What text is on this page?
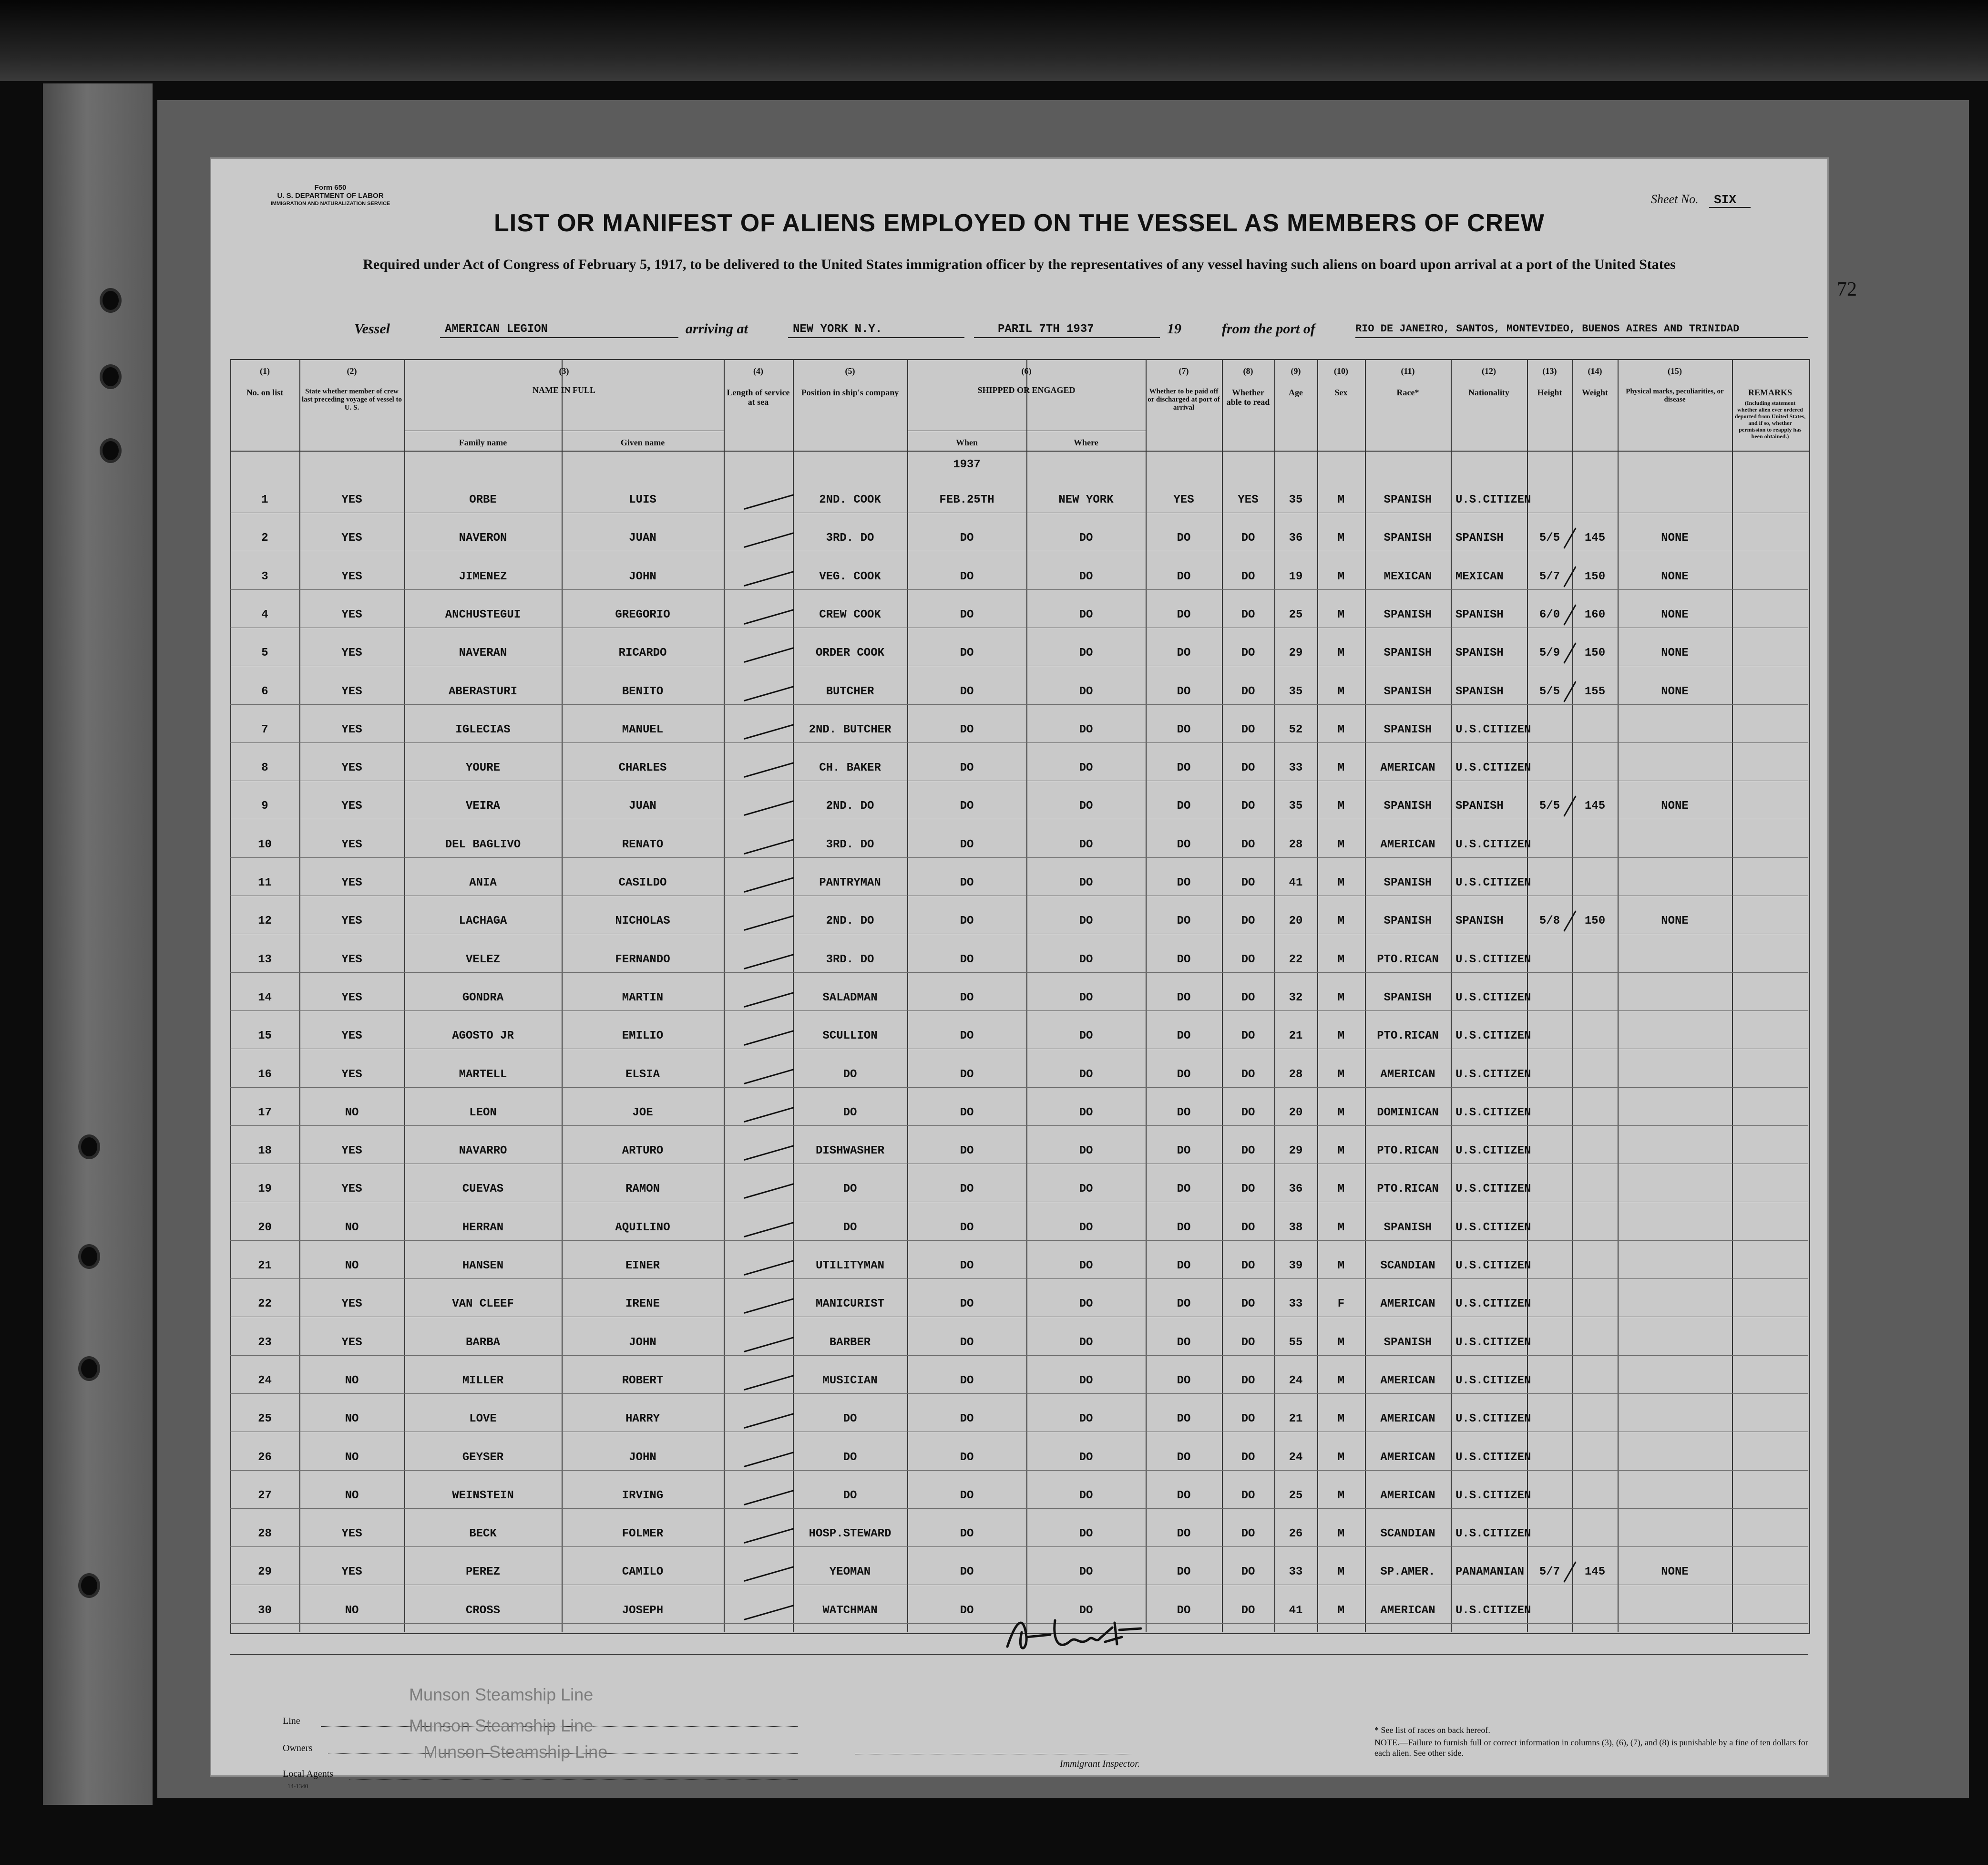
Form 650
U. S. DEPARTMENT OF LABOR
IMMIGRATION AND NATURALIZATION SERVICE	Sheet No. SIX
LIST OR MANIFEST OF ALIENS EMPLOYED ON THE VESSEL AS MEMBERS OF CREW
Required under Act of Congress of February 5, 1917, to be delivered to the United States immigration officer by the representatives of any vessel having such aliens on board upon arrival at a port of the United States
72
Vessel	AMERICAN LEGION	arriving at	NEW YORK N.Y.	PARIL 7TH 1937	19	from the port of	RIO DE JANEIRO, SANTOS, MONTEVIDEO, BUENOS AIRES AND TRINIDAD
(1)
No. on list
(2)
State whether member of crew last preceding voyage of vessel to U. S.
(3)
NAME IN FULL
(4)
Length of service at sea
(5)
Position in ship's company
(6)
SHIPPED OR ENGAGED
(7)
Whether to be paid off or discharged at port of arrival
(8)
Whether able to read
(9)
Age
(10)
Sex
(11)
Race*
(12)
Nationality
(13)
Height
(14)
Weight
(15)
Physical marks, peculiarities, or disease
REMARKS
Family name	Given name	When	Where
(Including statement whether alien ever ordered deported from United States, and if so, whether permission to reapply has been obtained.)
1937
1	YES	ORBE	LUIS	2ND. COOK	FEB.25TH	NEW YORK	YES	YES	35	M	SPANISH	U.S.CITIZEN
2	YES	NAVERON	JUAN	3RD. DO	DO	DO	DO	DO	36	M	SPANISH	SPANISH	5/5	145	NONE
3	YES	JIMENEZ	JOHN	VEG. COOK	DO	DO	DO	DO	19	M	MEXICAN	MEXICAN	5/7	150	NONE
4	YES	ANCHUSTEGUI	GREGORIO	CREW COOK	DO	DO	DO	DO	25	M	SPANISH	SPANISH	6/0	160	NONE
5	YES	NAVERAN	RICARDO	ORDER COOK	DO	DO	DO	DO	29	M	SPANISH	SPANISH	5/9	150	NONE
6	YES	ABERASTURI	BENITO	BUTCHER	DO	DO	DO	DO	35	M	SPANISH	SPANISH	5/5	155	NONE
7	YES	IGLECIAS	MANUEL	2ND. BUTCHER	DO	DO	DO	DO	52	M	SPANISH	U.S.CITIZEN
8	YES	YOURE	CHARLES	CH. BAKER	DO	DO	DO	DO	33	M	AMERICAN	U.S.CITIZEN
9	YES	VEIRA	JUAN	2ND. DO	DO	DO	DO	DO	35	M	SPANISH	SPANISH	5/5	145	NONE
10	YES	DEL BAGLIVO	RENATO	3RD. DO	DO	DO	DO	DO	28	M	AMERICAN	U.S.CITIZEN
11	YES	ANIA	CASILDO	PANTRYMAN	DO	DO	DO	DO	41	M	SPANISH	U.S.CITIZEN
12	YES	LACHAGA	NICHOLAS	2ND. DO	DO	DO	DO	DO	20	M	SPANISH	SPANISH	5/8	150	NONE
13	YES	VELEZ	FERNANDO	3RD. DO	DO	DO	DO	DO	22	M	PTO.RICAN	U.S.CITIZEN
14	YES	GONDRA	MARTIN	SALADMAN	DO	DO	DO	DO	32	M	SPANISH	U.S.CITIZEN
15	YES	AGOSTO JR	EMILIO	SCULLION	DO	DO	DO	DO	21	M	PTO.RICAN	U.S.CITIZEN
16	YES	MARTELL	ELSIA	DO	DO	DO	DO	DO	28	M	AMERICAN	U.S.CITIZEN
17	NO	LEON	JOE	DO	DO	DO	DO	DO	20	M	DOMINICAN	U.S.CITIZEN
18	YES	NAVARRO	ARTURO	DISHWASHER	DO	DO	DO	DO	29	M	PTO.RICAN	U.S.CITIZEN
19	YES	CUEVAS	RAMON	DO	DO	DO	DO	DO	36	M	PTO.RICAN	U.S.CITIZEN
20	NO	HERRAN	AQUILINO	DO	DO	DO	DO	DO	38	M	SPANISH	U.S.CITIZEN
21	NO	HANSEN	EINER	UTILITYMAN	DO	DO	DO	DO	39	M	SCANDIAN	U.S.CITIZEN
22	YES	VAN CLEEF	IRENE	MANICURIST	DO	DO	DO	DO	33	F	AMERICAN	U.S.CITIZEN
23	YES	BARBA	JOHN	BARBER	DO	DO	DO	DO	55	M	SPANISH	U.S.CITIZEN
24	NO	MILLER	ROBERT	MUSICIAN	DO	DO	DO	DO	24	M	AMERICAN	U.S.CITIZEN
25	NO	LOVE	HARRY	DO	DO	DO	DO	DO	21	M	AMERICAN	U.S.CITIZEN
26	NO	GEYSER	JOHN	DO	DO	DO	DO	DO	24	M	AMERICAN	U.S.CITIZEN
27	NO	WEINSTEIN	IRVING	DO	DO	DO	DO	DO	25	M	AMERICAN	U.S.CITIZEN
28	YES	BECK	FOLMER	HOSP.STEWARD	DO	DO	DO	DO	26	M	SCANDIAN	U.S.CITIZEN
29	YES	PEREZ	CAMILO	YEOMAN	DO	DO	DO	DO	33	M	SP.AMER.	PANAMANIAN	5/7	145	NONE
30	NO	CROSS	JOSEPH	WATCHMAN	DO	DO	DO	DO	41	M	AMERICAN	U.S.CITIZEN
Line
Owners
Local Agents
14-1340
Munson Steamship Line
Munson Steamship Line
Munson Steamship Line
Immigrant Inspector.
* See list of races on back hereof.
NOTE.—Failure to furnish full or correct information in columns (3), (6), (7), and (8) is punishable by a fine of ten dollars for each alien. See other side.
